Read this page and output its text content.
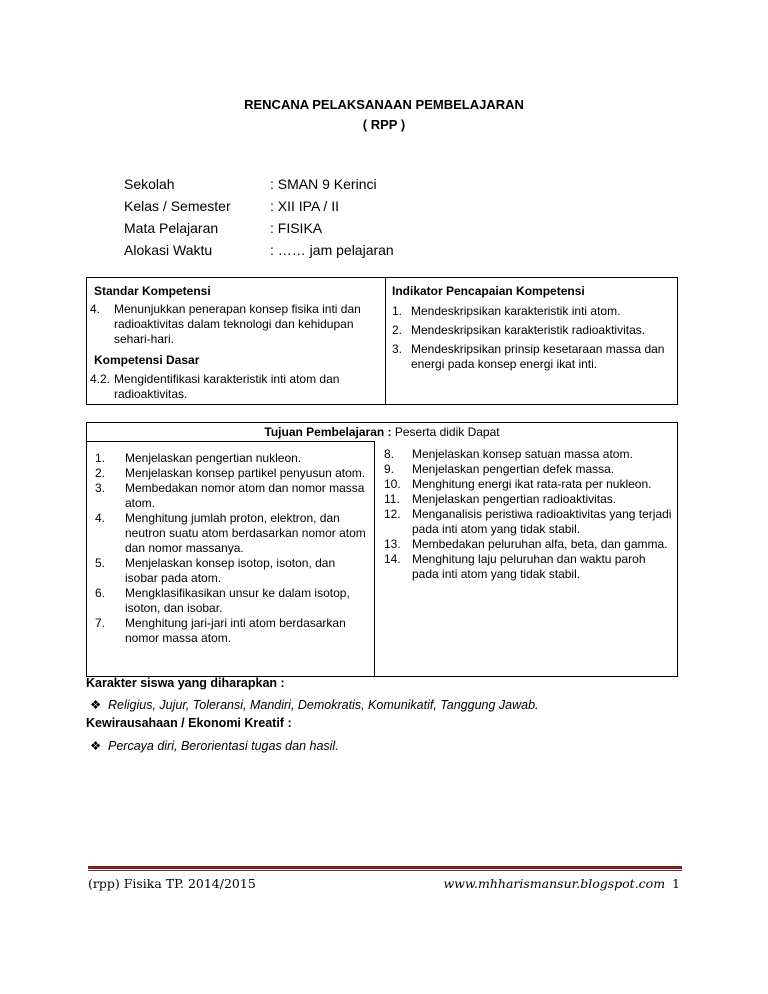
RENCANA PELAKSANAAN PEMBELAJARAN
( RPP )
Sekolah	: SMAN 9 Kerinci
Kelas / Semester	: XII IPA / II
Mata Pelajaran	: FISIKA
Alokasi Waktu	: …… jam pelajaran
Standar Kompetensi
4. Menunjukkan penerapan konsep fisika inti dan radioaktivitas dalam teknologi dan kehidupan sehari-hari.
Kompetensi Dasar
4.2. Mengidentifikasi karakteristik inti atom dan radioaktivitas.
Indikator Pencapaian Kompetensi
1. Mendeskripsikan karakteristik inti atom.
2. Mendeskripsikan karakteristik radioaktivitas.
3. Mendeskripsikan prinsip kesetaraan massa dan energi pada konsep energi ikat inti.
Tujuan Pembelajaran : Peserta didik Dapat
1. Menjelaskan pengertian nukleon.
2. Menjelaskan konsep partikel penyusun atom.
3. Membedakan nomor atom dan nomor massa atom.
4. Menghitung jumlah proton, elektron, dan neutron suatu atom berdasarkan nomor atom dan nomor massanya.
5. Menjelaskan konsep isotop, isoton, dan isobar pada atom.
6. Mengklasifikasikan unsur ke dalam isotop, isoton, dan isobar.
7. Menghitung jari-jari inti atom berdasarkan nomor massa atom.
8. Menjelaskan konsep satuan massa atom.
9. Menjelaskan pengertian defek massa.
10. Menghitung energi ikat rata-rata per nukleon.
11. Menjelaskan pengertian radioaktivitas.
12. Menganalisis peristiwa radioaktivitas yang terjadi pada inti atom yang tidak stabil.
13. Membedakan peluruhan alfa, beta, dan gamma.
14. Menghitung laju peluruhan dan waktu paroh pada inti atom yang tidak stabil.
Karakter siswa yang diharapkan :
❖ Religius, Jujur, Toleransi, Mandiri, Demokratis, Komunikatif, Tanggung Jawab.
Kewirausahaan / Ekonomi Kreatif :
❖ Percaya diri, Berorientasi tugas dan hasil.
(rpp) Fisika TP. 2014/2015	www.mhharismansur.blogspot.com 1
